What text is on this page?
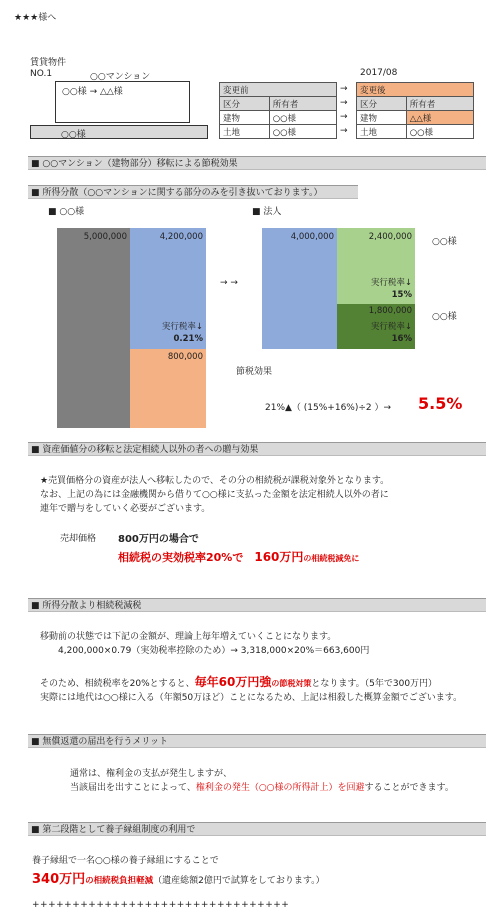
★★★様へ
賃貸物件
NO.1	○○マンション
○○様 → △△様
○○様
変更前	
区分	所有者
建物	○○様
土地	○○様
→
→
→
→
2017/08
変更後	
区分	所有者
建物	△△様
土地	○○様
■ ○○マンション（建物部分）移転による節税効果
■ 所得分散（○○マンションに関する部分のみを引き抜いております。）
■ ○○様	■ 法人
5,000,000	4,200,000
実行税率↓
0.21%
800,000
→ →
4,000,000	2,400,000
実行税率↓
15%
1,800,000
実行税率↓
16%
○○様
○○様
節税効果
21%▲（ (15%+16%)÷2 ）→ 5.5%
■ 資産価値分の移転と法定相続人以外の者への贈与効果
★売買価格分の資産が法人へ移転したので、その分の相続税が課税対象外となります。
なお、上記の為には金融機関から借りて○○様に支払った金額を法定相続人以外の者に
連年で贈与をしていく必要がございます。
売却価格 800万円の場合で
相続税の実効税率20%で　 160万円の相続税減免に
■ 所得分散より相続税減税
移動前の状態では下記の金額が、理論上毎年増えていくことになります。
4,200,000×0.79（実効税率控除のため）→ 3,318,000×20%＝663,600円
そのため、相続税率を20%とすると、毎年60万円強の節税対策となります。（5年で300万円）
実際には地代は○○様に入る（年額50万ほど）ことになるため、上記は相殺した概算金額でございます。
■ 無償返還の届出を行うメリット
通常は、権利金の支払が発生しますが、
当該届出を出すことによって、権利金の発生（○○様の所得計上）を回避することができます。
■ 第二段階として養子縁組制度の利用で
養子縁組で一名○○様の養子縁組にすることで
340万円の相続税負担軽減（遺産総額2億円で試算をしております。）
++++++++++++++++++++++++++++++++
